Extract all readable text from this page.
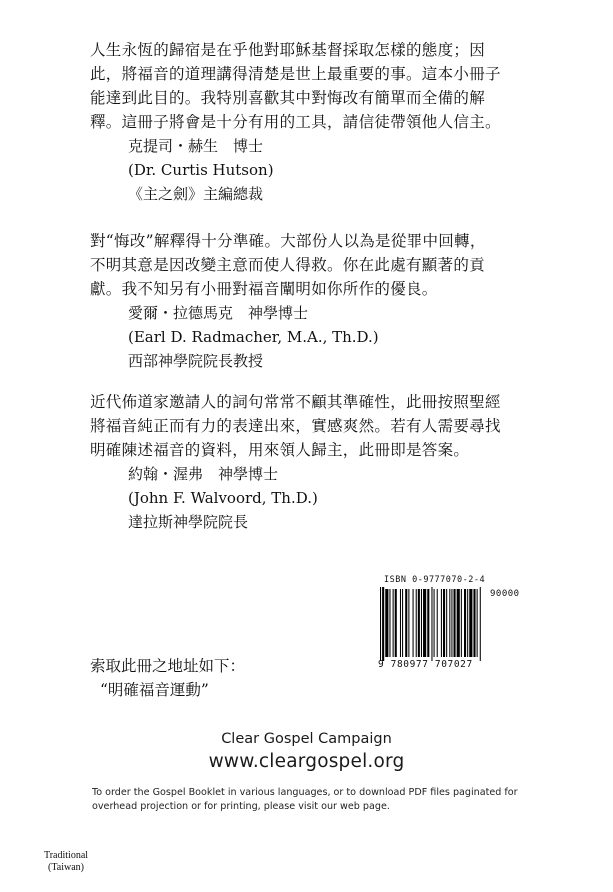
人生永恆的歸宿是在乎他對耶穌基督採取怎樣的態度；因
此，將福音的道理講得清楚是世上最重要的事。這本小冊子
能達到此目的。我特別喜歡其中對悔改有簡單而全備的解
釋。這冊子將會是十分有用的工具，請信徒帶領他人信主。

克提司・赫生　博士
(Dr. Curtis Hutson)
《主之劍》主編總裁

對“悔改”解釋得十分準確。大部份人以為是從罪中回轉，
不明其意是因改變主意而使人得救。你在此處有顯著的貢
獻。我不知另有小冊對福音闡明如你所作的優良。

愛爾・拉德馬克　神學博士
(Earl D. Radmacher, M.A., Th.D.)
西部神學院院長教授

近代佈道家邀請人的詞句常常不顧其準確性，此冊按照聖經
將福音純正而有力的表達出來，實感爽然。若有人需要尋找
明確陳述福音的資料，用來領人歸主，此冊即是答案。

約翰・渥弗　神學博士
(John F. Walvoord, Th.D.)
達拉斯神學院院長
ISBN 0-9777070-2-4
90000
9 780977 707027
索取此冊之地址如下：
“明確福音運動”
Clear Gospel Campaign
www.cleargospel.org
To order the Gospel Booklet in various languages, or to download PDF files paginated for
overhead projection or for printing, please visit our web page.
Traditional
(Taiwan)
